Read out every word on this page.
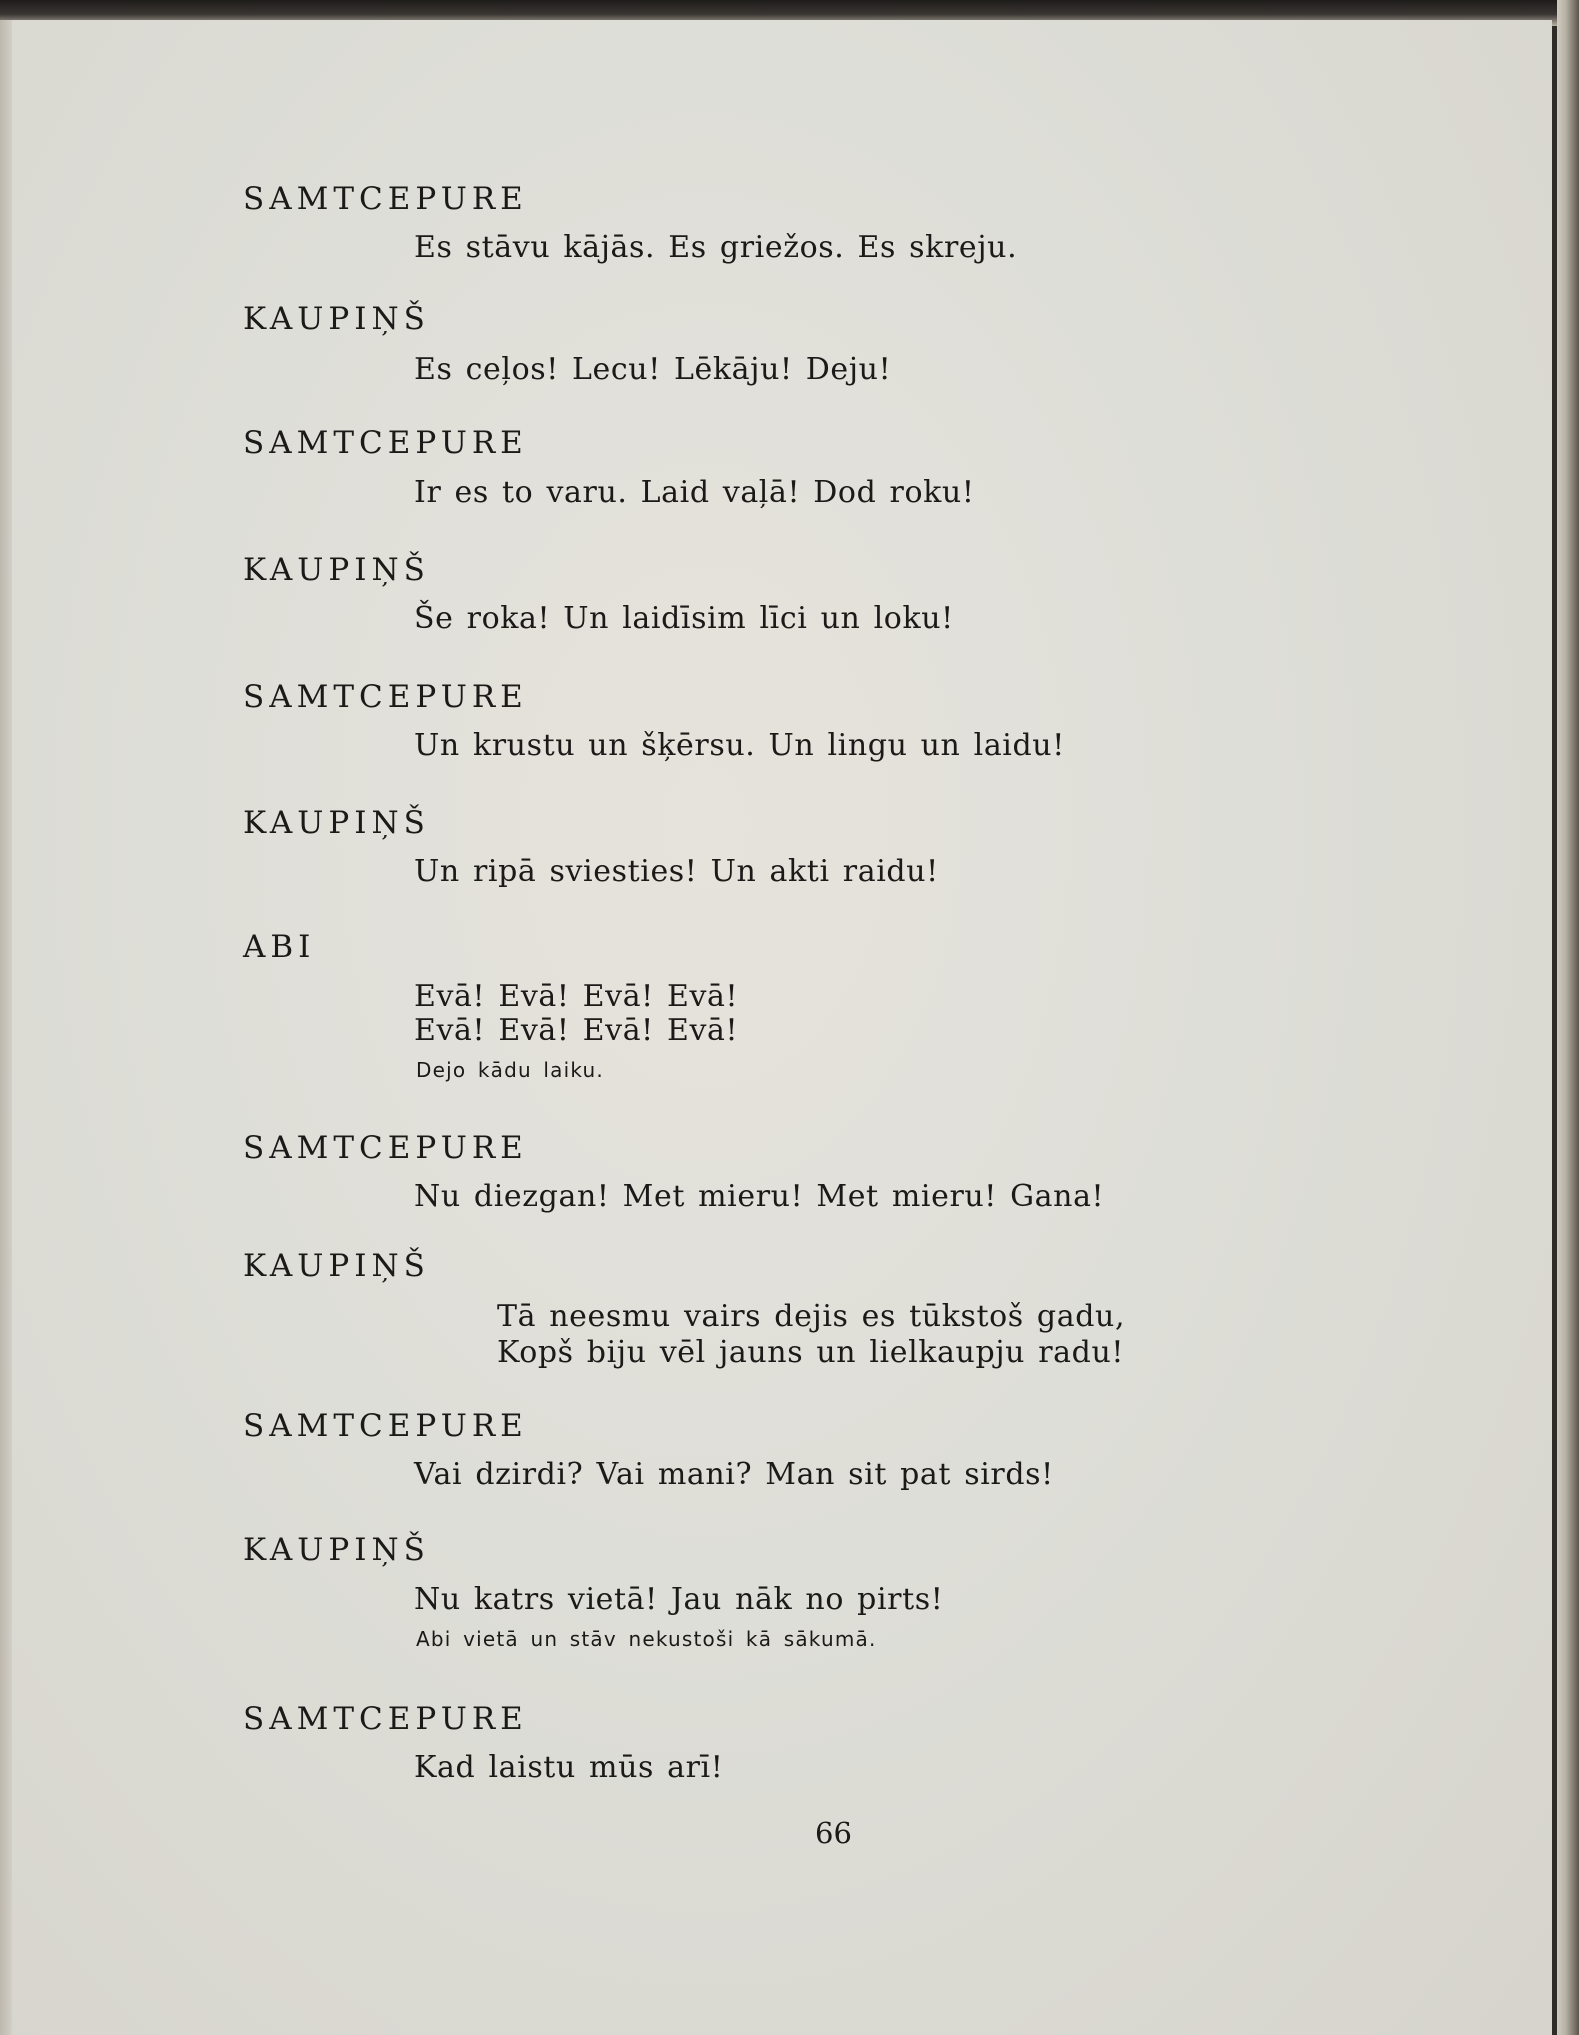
SAMTCEPURE
Es stāvu kājās. Es griežos. Es skreju.
KAUPIŅŠ
Es ceļos! Lecu! Lēkāju! Deju!
SAMTCEPURE
Ir es to varu. Laid vaļā! Dod roku!
KAUPIŅŠ
Še roka! Un laidīsim līci un loku!
SAMTCEPURE
Un krustu un šķērsu. Un lingu un laidu!
KAUPIŅŠ
Un ripā sviesties! Un akti raidu!
ABI
Evā! Evā! Evā! Evā!
Evā! Evā! Evā! Evā!
Dejo kādu laiku.
SAMTCEPURE
Nu diezgan! Met mieru! Met mieru! Gana!
KAUPIŅŠ
Tā neesmu vairs dejis es tūkstoš gadu,
Kopš biju vēl jauns un lielkaupju radu!
SAMTCEPURE
Vai dzirdi? Vai mani? Man sit pat sirds!
KAUPIŅŠ
Nu katrs vietā! Jau nāk no pirts!
Abi vietā un stāv nekustoši kā sākumā.
SAMTCEPURE
Kad laistu mūs arī!
66
